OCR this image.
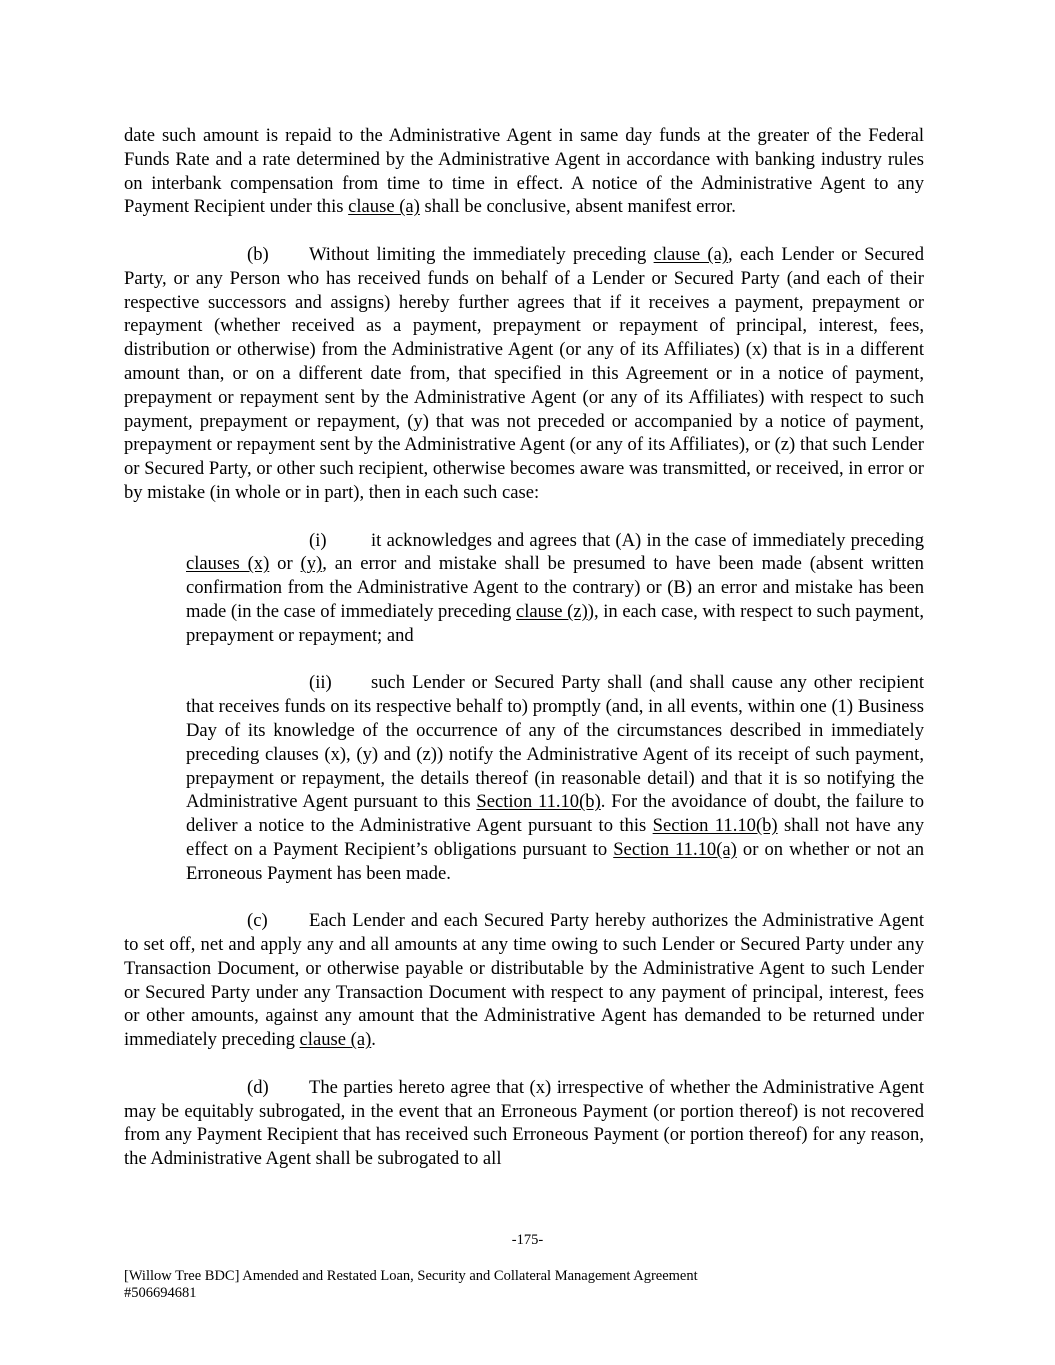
date such amount is repaid to the Administrative Agent in same day funds at the greater of the Federal Funds Rate and a rate determined by the Administrative Agent in accordance with banking industry rules on interbank compensation from time to time in effect. A notice of the Administrative Agent to any Payment Recipient under this clause (a) shall be conclusive, absent manifest error.

(b) Without limiting the immediately preceding clause (a), each Lender or Secured Party, or any Person who has received funds on behalf of a Lender or Secured Party (and each of their respective successors and assigns) hereby further agrees that if it receives a payment, prepayment or repayment (whether received as a payment, prepayment or repayment of principal, interest, fees, distribution or otherwise) from the Administrative Agent (or any of its Affiliates) (x) that is in a different amount than, or on a different date from, that specified in this Agreement or in a notice of payment, prepayment or repayment sent by the Administrative Agent (or any of its Affiliates) with respect to such payment, prepayment or repayment, (y) that was not preceded or accompanied by a notice of payment, prepayment or repayment sent by the Administrative Agent (or any of its Affiliates), or (z) that such Lender or Secured Party, or other such recipient, otherwise becomes aware was transmitted, or received, in error or by mistake (in whole or in part), then in each such case:

(i) it acknowledges and agrees that (A) in the case of immediately preceding clauses (x) or (y), an error and mistake shall be presumed to have been made (absent written confirmation from the Administrative Agent to the contrary) or (B) an error and mistake has been made (in the case of immediately preceding clause (z)), in each case, with respect to such payment, prepayment or repayment; and

(ii) such Lender or Secured Party shall (and shall cause any other recipient that receives funds on its respective behalf to) promptly (and, in all events, within one (1) Business Day of its knowledge of the occurrence of any of the circumstances described in immediately preceding clauses (x), (y) and (z)) notify the Administrative Agent of its receipt of such payment, prepayment or repayment, the details thereof (in reasonable detail) and that it is so notifying the Administrative Agent pursuant to this Section 11.10(b). For the avoidance of doubt, the failure to deliver a notice to the Administrative Agent pursuant to this Section 11.10(b) shall not have any effect on a Payment Recipient’s obligations pursuant to Section 11.10(a) or on whether or not an Erroneous Payment has been made.

(c) Each Lender and each Secured Party hereby authorizes the Administrative Agent to set off, net and apply any and all amounts at any time owing to such Lender or Secured Party under any Transaction Document, or otherwise payable or distributable by the Administrative Agent to such Lender or Secured Party under any Transaction Document with respect to any payment of principal, interest, fees or other amounts, against any amount that the Administrative Agent has demanded to be returned under immediately preceding clause (a).

(d) The parties hereto agree that (x) irrespective of whether the Administrative Agent may be equitably subrogated, in the event that an Erroneous Payment (or portion thereof) is not recovered from any Payment Recipient that has received such Erroneous Payment (or portion thereof) for any reason, the Administrative Agent shall be subrogated to all

-175-
[Willow Tree BDC] Amended and Restated Loan, Security and Collateral Management Agreement
#506694681
